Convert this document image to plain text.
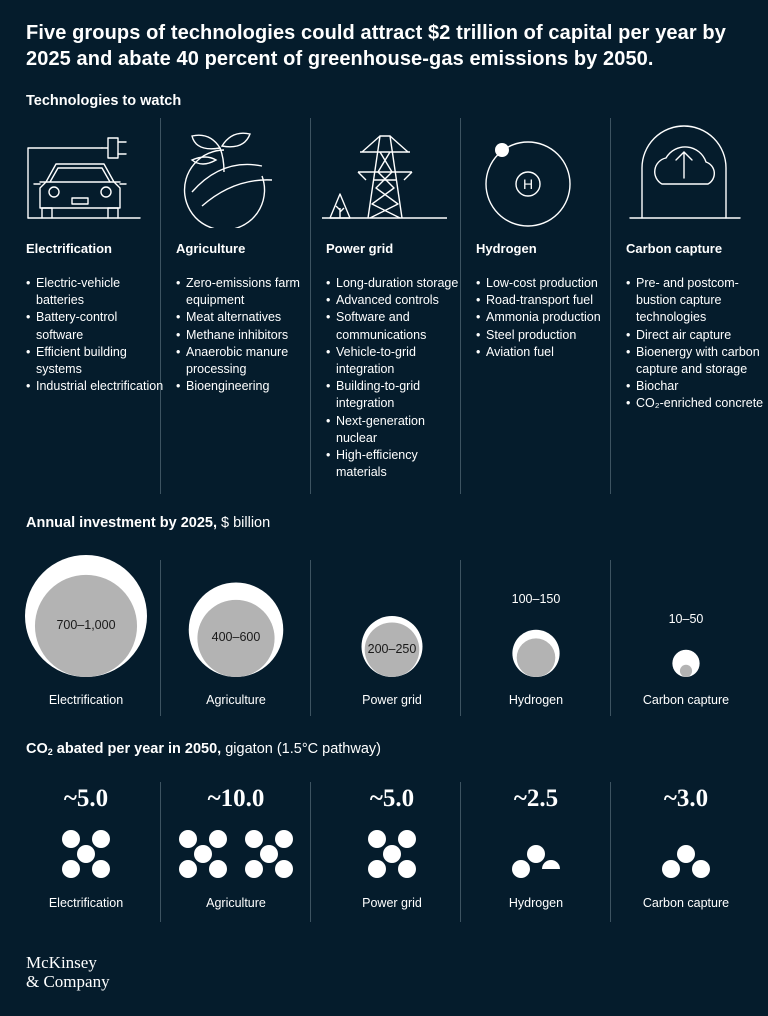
Five groups of technologies could attract $2 trillion of capital per year by 2025 and abate 40 percent of greenhouse-gas emissions by 2050.
Technologies to watch
Electrification
• Electric-vehicle batteries
• Battery-control software
• Efficient building systems
• Industrial electrification
Agriculture
• Zero-emissions farm equipment
• Meat alternatives
• Methane inhibitors
• Anaerobic manure processing
• Bioengineering
Power grid
• Long-duration storage
• Advanced controls
• Software and communications
• Vehicle-to-grid integration
• Building-to-grid integration
• Next-generation nuclear
• High-efficiency materials
H
Hydrogen
• Low-cost production
• Road-transport fuel
• Ammonia production
• Steel production
• Aviation fuel
Carbon capture
• Pre- and postcom-bustion capture technologies
• Direct air capture
• Bioenergy with carbon capture and storage
• Biochar
• CO₂-enriched concrete
Annual investment by 2025, $ billion
700–1,000
Electrification
400–600
Agriculture
200–250
Power grid
100–150
Hydrogen
10–50
Carbon capture
$CO_2$ abated per year in 2050, gigaton (1.5°C pathway)
~5.0
Electrification
~10.0
Agriculture
~5.0
Power grid
~2.5
Hydrogen
~3.0
Carbon capture
McKinsey
& Company
